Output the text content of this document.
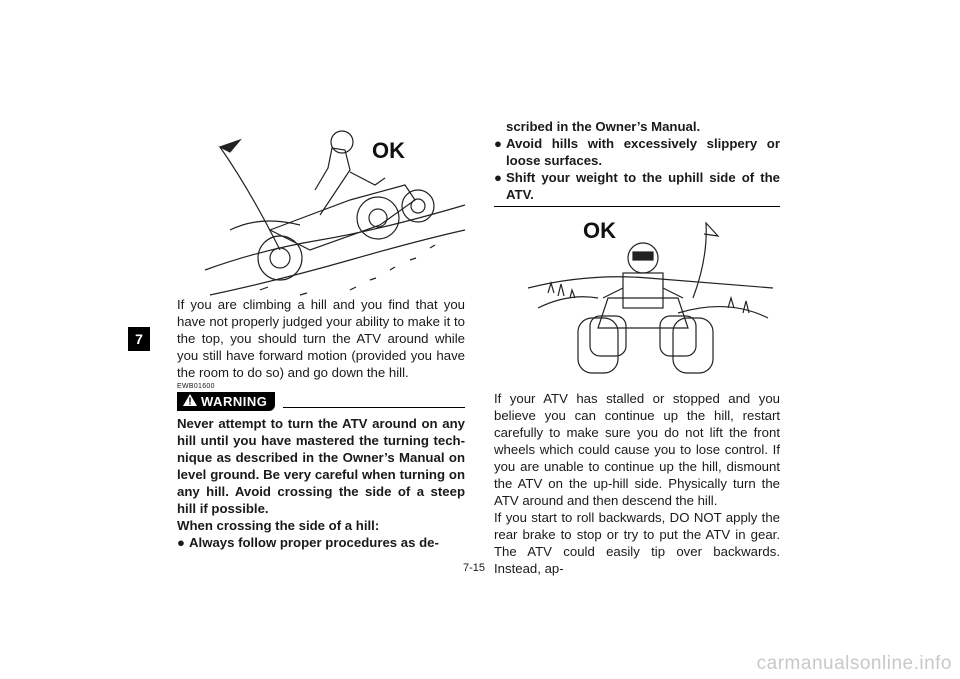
7
OK

If you are climbing a hill and you find that you have not properly judged your ability to make it to the top, you should turn the ATV around while you still have forward motion (provided you have the room to do so) and go down the hill.

EWB01600

WARNING

Never attempt to turn the ATV around on any hill until you have mastered the turning tech-nique as described in the Owner’s Manual on level ground. Be very careful when turning on any hill. Avoid crossing the side of a steep hill if possible.

When crossing the side of a hill:

● Always follow proper procedures as de-

scribed in the Owner’s Manual.

● Avoid hills with excessively slippery or loose surfaces.
● Shift your weight to the uphill side of the ATV.
OK

If your ATV has stalled or stopped and you believe you can continue up the hill, restart carefully to make sure you do not lift the front wheels which could cause you to lose control. If you are unable to continue up the hill, dismount the ATV on the up-hill side. Physically turn the ATV around and then descend the hill.

If you start to roll backwards, DO NOT apply the rear brake to stop or try to put the ATV in gear. The ATV could easily tip over backwards. Instead, ap-

7-15
carmanualsonline.info
